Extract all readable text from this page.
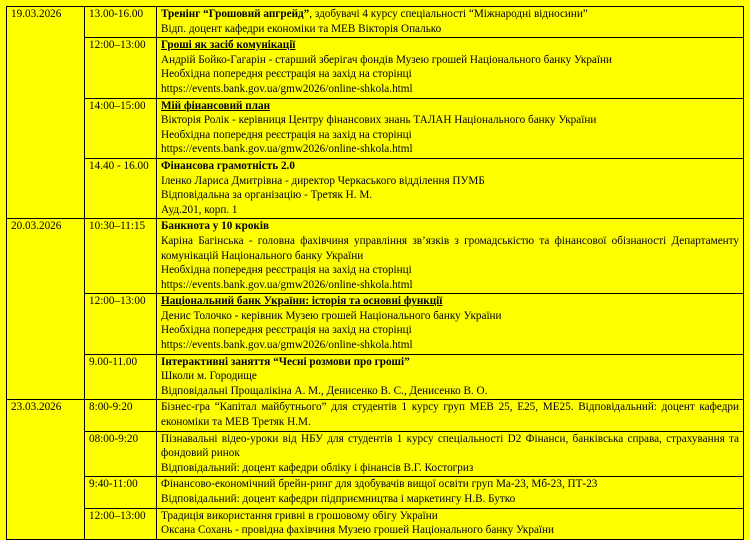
19.03.2026	13.00-16.00	Тренінг “Грошовий апгрейд”, здобувачі 4 курсу спеціальності “Міжнародні відносини”
Відп. доцент кафедри економіки та МЕВ Вікторія Опалько

	12:00–13:00	Гроші як засіб комунікації
Андрій Бойко-Гагарін - старший зберігач фондів Музею грошей Національного банку України
Необхідна попередня реєстрація на захід на сторінці
https://events.bank.gov.ua/gmw2026/online-shkola.html

	14:00–15:00	Мій фінансовий план
Вікторія Ролік - керівниця Центру фінансових знань ТАЛАН Національного банку України
Необхідна попередня реєстрація на захід на сторінці
https://events.bank.gov.ua/gmw2026/online-shkola.html

	14.40 - 16.00	Фінансова грамотність 2.0
Іленко Лариса Дмитрівна - директор Черкаського відділення ПУМБ
Відповідальна за організацію - Третяк Н. М.
Ауд.201, корп. 1

20.03.2026	10:30–11:15	Банкнота у 10 кроків
Каріна Багінська - головна фахівчиня управління зв’язків з громадськістю та фінансової обізнаності Департаменту комунікацій Національного банку України
Необхідна попередня реєстрація на захід на сторінці
https://events.bank.gov.ua/gmw2026/online-shkola.html

	12:00–13:00	Національний банк України: історія та основні функції
Денис Толочко - керівник Музею грошей Національного банку України
Необхідна попередня реєстрація на захід на сторінці
https://events.bank.gov.ua/gmw2026/online-shkola.html

	9.00-11.00	Інтерактивні заняття “Чесні розмови про гроші”
Школи м. Городище
Відповідальні Прощалікіна А. М., Денисенко В. С., Денисенко В. О.

23.03.2026	8:00-9:20	Бізнес-гра “Капітал майбутнього” для студентів 1 курсу груп МЕВ 25, Е25, МЕ25. Відповідальний: доцент кафедри економіки та МЕВ Третяк Н.М.

	08:00-9:20	Пізнавальні відео-уроки від НБУ для студентів 1 курсу спеціальності D2 Фінанси, банківська справа, страхування та фондовий ринок
Відповідальний: доцент кафедри обліку і фінансів В.Г. Костогриз

	9:40-11:00	Фінансово-економічний брейн-ринг для здобувачів вищої освіти груп Ма-23, Мб-23, ПТ-23
Відповідальний: доцент кафедри підприємництва і маркетингу Н.В. Бутко

	12:00–13:00	Традиція використання гривні в грошовому обігу України
Оксана Сохань - провідна фахівчиня Музею грошей Національного банку України
